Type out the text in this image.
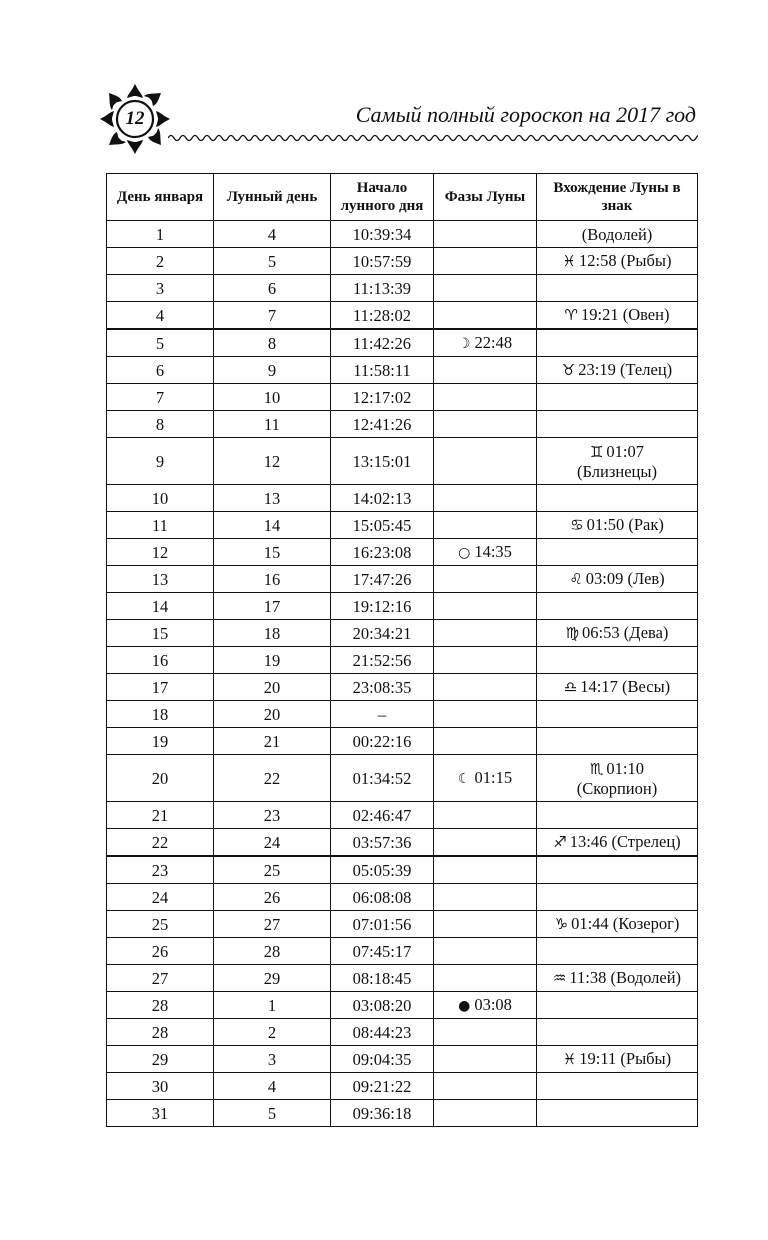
12	Самый полный гороскоп на 2017 год
День января	Лунный день	Начало лунного дня	Фазы Луны	Вхождение Луны в знак
1	4	10:39:34		(Водолей)
2	5	10:57:59		♓ 12:58 (Рыбы)
3	6	11:13:39		
4	7	11:28:02		♈ 19:21 (Овен)
5	8	11:42:26	☽ 22:48	
6	9	11:58:11		♉ 23:19 (Телец)
7	10	12:17:02		
8	11	12:41:26		
9	12	13:15:01		♊ 01:07
(Близнецы)
10	13	14:02:13		
11	14	15:05:45		♋ 01:50 (Рак)
12	15	16:23:08	○ 14:35	
13	16	17:47:26		♌ 03:09 (Лев)
14	17	19:12:16		
15	18	20:34:21		♍ 06:53 (Дева)
16	19	21:52:56		
17	20	23:08:35		♎ 14:17 (Весы)
18	20	–		
19	21	00:22:16		
20	22	01:34:52	☾ 01:15	♏ 01:10
(Скорпион)
21	23	02:46:47		
22	24	03:57:36		♐ 13:46 (Стрелец)
23	25	05:05:39		
24	26	06:08:08		
25	27	07:01:56		♑ 01:44 (Козерог)
26	28	07:45:17		
27	29	08:18:45		♒ 11:38 (Водолей)
28	1	03:08:20	● 03:08	
28	2	08:44:23		
29	3	09:04:35		♓ 19:11 (Рыбы)
30	4	09:21:22		
31	5	09:36:18		
